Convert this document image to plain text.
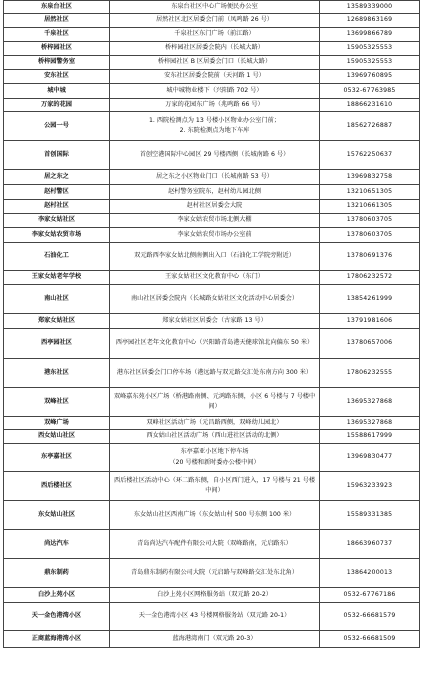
东泉台社区	东泉台社区中心广场便民办公室	13589339000
居然社区	居然社区北区居委会门前（凤鸣路 26 号）	12689863169
千泉社区	千泉社区东门广场（前江路）	13699866789
桥梓园社区	桥梓园社区居委会院内（长城大路）	15905325553
桥梓园警务室	桥梓园社区 B 区居委会门口（长城大路）	15905325553
安东社区	安东社区居委会院前（天河路 1 号）	13969760895
城中城	城中城物业楼下（兴阳路 702 号）	0532-67763985
万家的花园	万家的花园东广场（兆鸣路 66 号）	18866231610
公园一号	1. 西院检测点为 13 号楼小区物业办公室门前；
2. 东院检测点为地下车库	18562726887
首创国际	首创空港国际中心园区 29 号楼西侧（长城南路 6 号）	15762250637
居之东之	居之东之小区物业门口（长城南路 53 号）	13969832758
赵村警区	赵村警务室院东，赵村幼儿园北侧	13210651305
赵村社区	赵村社区居委会大院	13210661305
李家女姑社区	李家女姑农贸市场北侧大棚	13780603705
李家女姑农贸市场	李家女姑农贸市场办公室前	13780603705
石油化工	双元路西李家女姑北侧南侧出入口（石油化工学院旁附近）	13780691376
王家女姑老年学校	王家女姑社区文化教育中心（东门）	17806232572
南山社区	南山社区居委会院内（长城路女姑社区文化活动中心居委会）	13854261999
郑家女姑社区	郑家女姑社区居委会（古家路 13 号）	13791981606
西亭园社区	西亭园社区老年文化教育中心（兴阳路青岛港天健球馆北向偏东 50 米）	13780657006
港东社区	港东社区居委会门口停车场（港远路与双元路交汇处东南方向 300 米）	17806232555
双峰社区	双峰嘉东苑小区广场（桥港路南侧、元鸿路东侧，小区 6 号楼与 7 号楼中间）	13695327868
双峰广场	双峰社区活动广场（元昌路西侧，双峰幼儿园北）	13695327868
西女姑山社区	西女姑山社区活动广场（西山进社区活动的北侧）	15588617999
东亭嘉社区	东亭嘉亚小区地下停车场
（20 号楼和新时委办公楼中间）	13969830477
西后楼社区	西后楼社区活动中心（环二路东侧，自小区西门进入，17 号楼与 21 号楼中间）	15963233923
东女姑山社区	东女姑山社区西南广场（东女姑山村 500 号东侧 100 米）	15589331385
尚达汽车	青岛尚达汽车配件有限公司大院（双峰路南，元启路东）	18663960737
鼎东制药	青岛鼎东制药有限公司大院（元启路与双峰路交汇处东北角）	13864200013
白沙上苑小区	白沙上苑小区网格服务站（双元路 20-2）	0532-67767186
天一金色港湾小区	天一金色港湾小区 43 号楼网格服务站（双元路 20-1）	0532-66681579
正商蓝海港湾小区	蓝海港湾南门（双元路 20-3）	0532-66681509
